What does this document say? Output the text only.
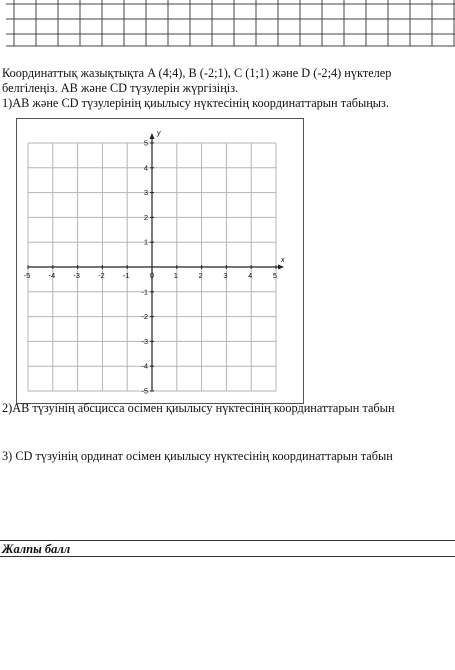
Координаттық жазықтықта A (4;4), B (-2;1), C (1;1) және D (-2;4) нүктелер

белгілеңіз. AB және CD түзулерін жүргізіңіз.

1)AB және CD түзулерінің қиылысу нүктесінің координаттарын табыңыз.

-5 -4 -3 -2 -1	0	1	2	3	4	5
5
4
3
2
1
-1
-2
-3
-4
-5
x
y

2)AB түзуінің абсцисса осімен қиылысу нүктесінің координаттарын табын

3) CD түзуінің ординат осімен қиылысу нүктесінің координаттарын табын

Жалпы балл
